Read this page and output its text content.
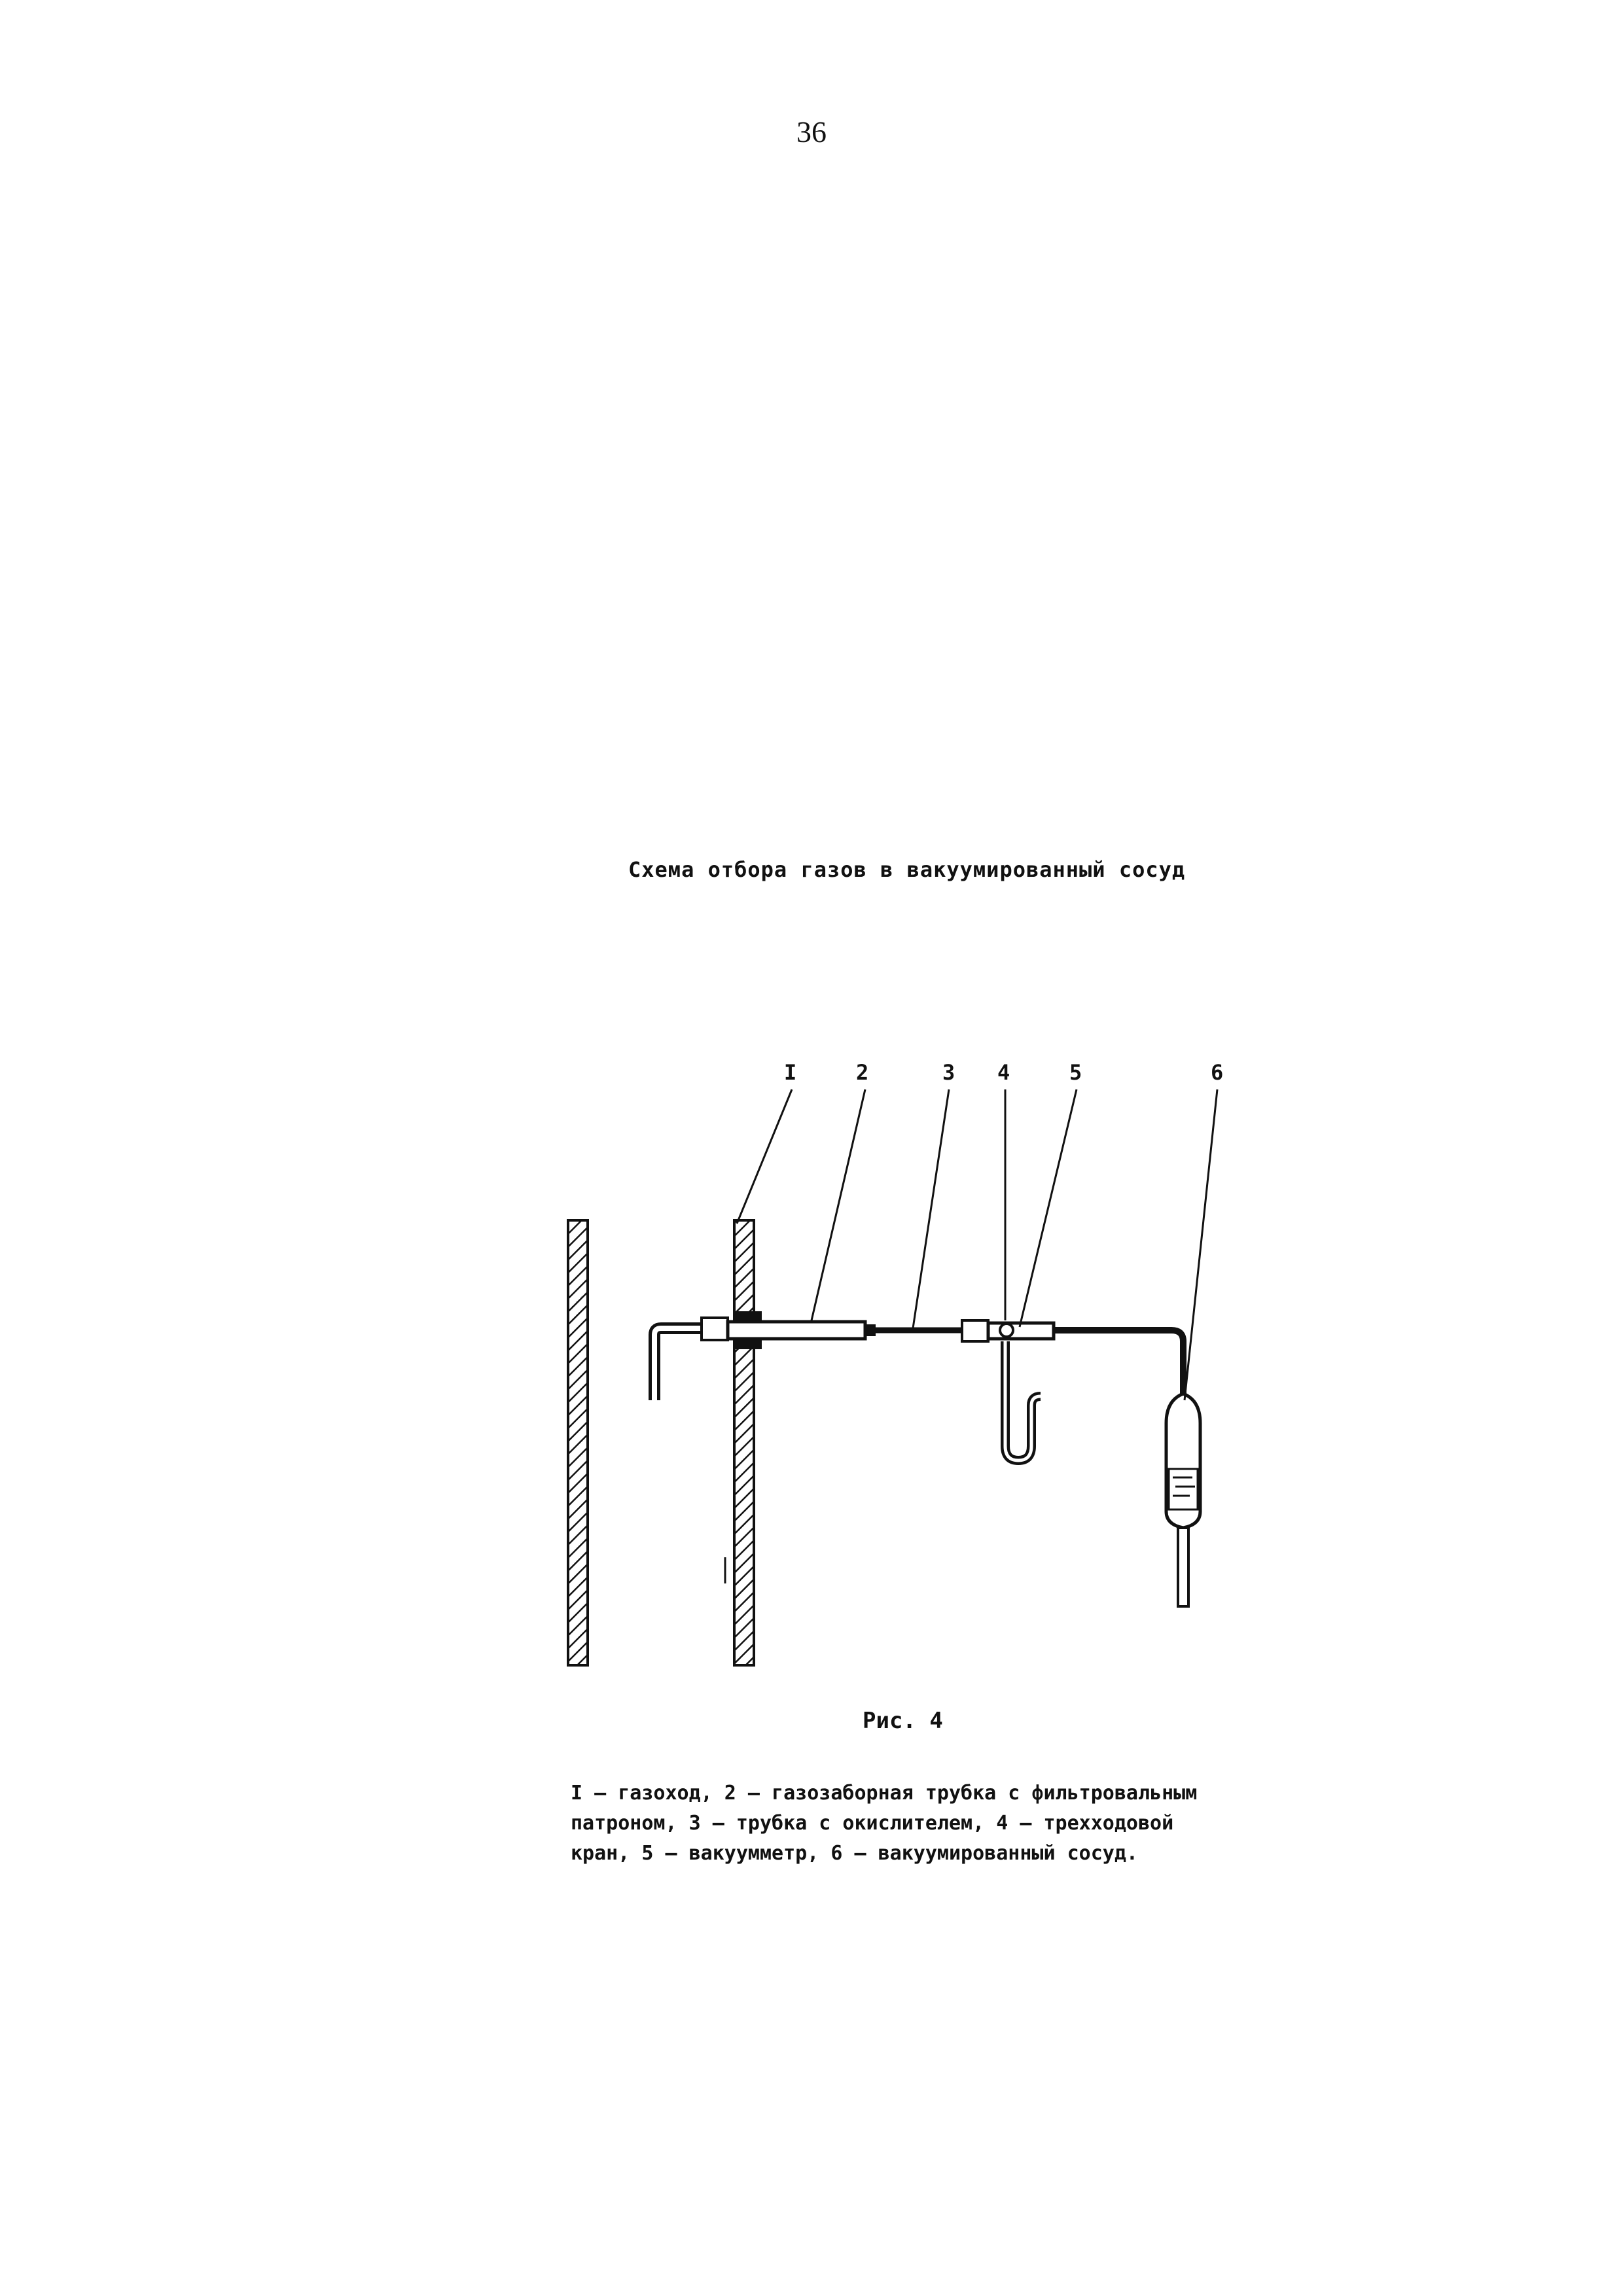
36
Схема отбора газов в вакуумированный сосуд
I	2	3 4	5	6
Рис. 4
I – газоход, 2 – газозаборная трубка с фильтровальным
патроном, 3 – трубка с окислителем, 4 – трехходовой
кран, 5 – вакуумметр, 6 – вакуумированный сосуд.
